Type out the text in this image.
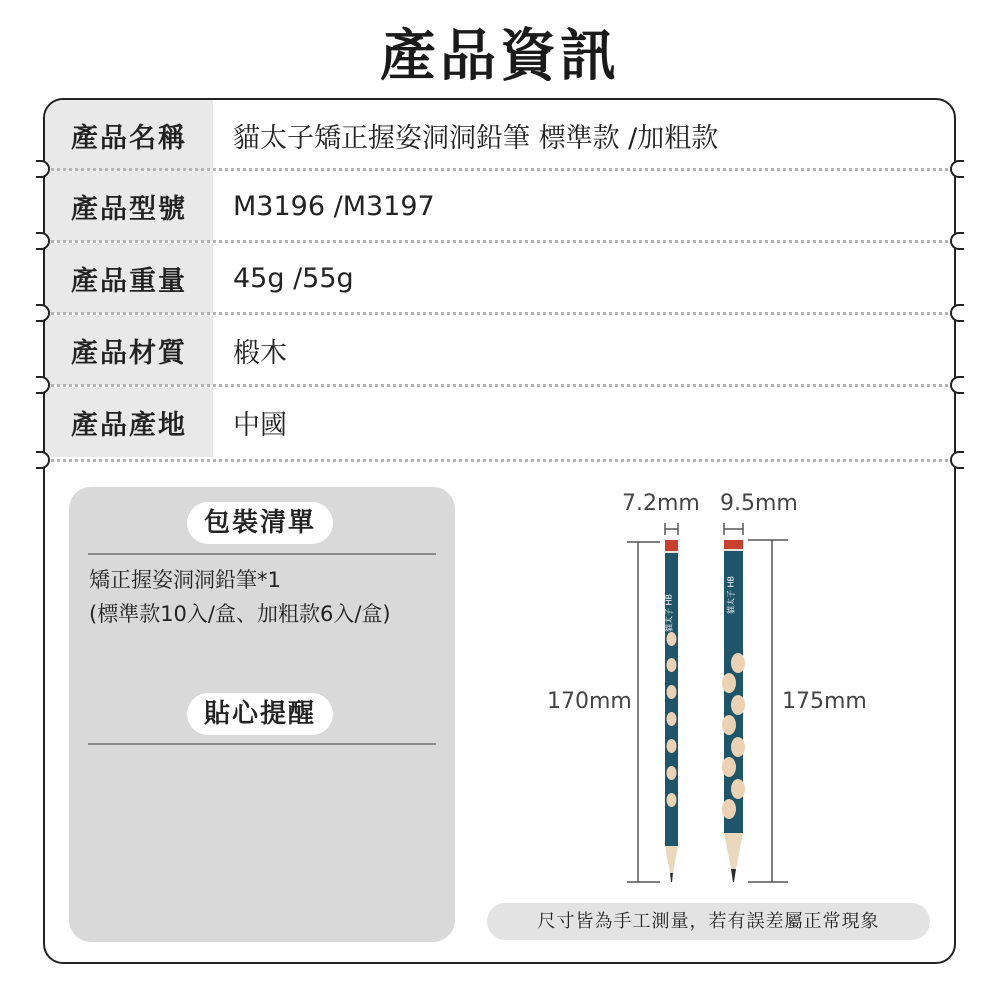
產品資訊
產品名稱	貓太子矯正握姿洞洞鉛筆 標準款 /加粗款
產品型號	M3196 /M3197
產品重量	45g /55g
產品材質	椴木
產品產地	中國
包裝清單
矯正握姿洞洞鉛筆*1
(標準款10入/盒、加粗款6入/盒)
貼心提醒
7.2mm 9.5mm
170mm	175mm
貓太子 HB	貓太子 HB
尺寸皆為手工測量，若有誤差屬正常現象
